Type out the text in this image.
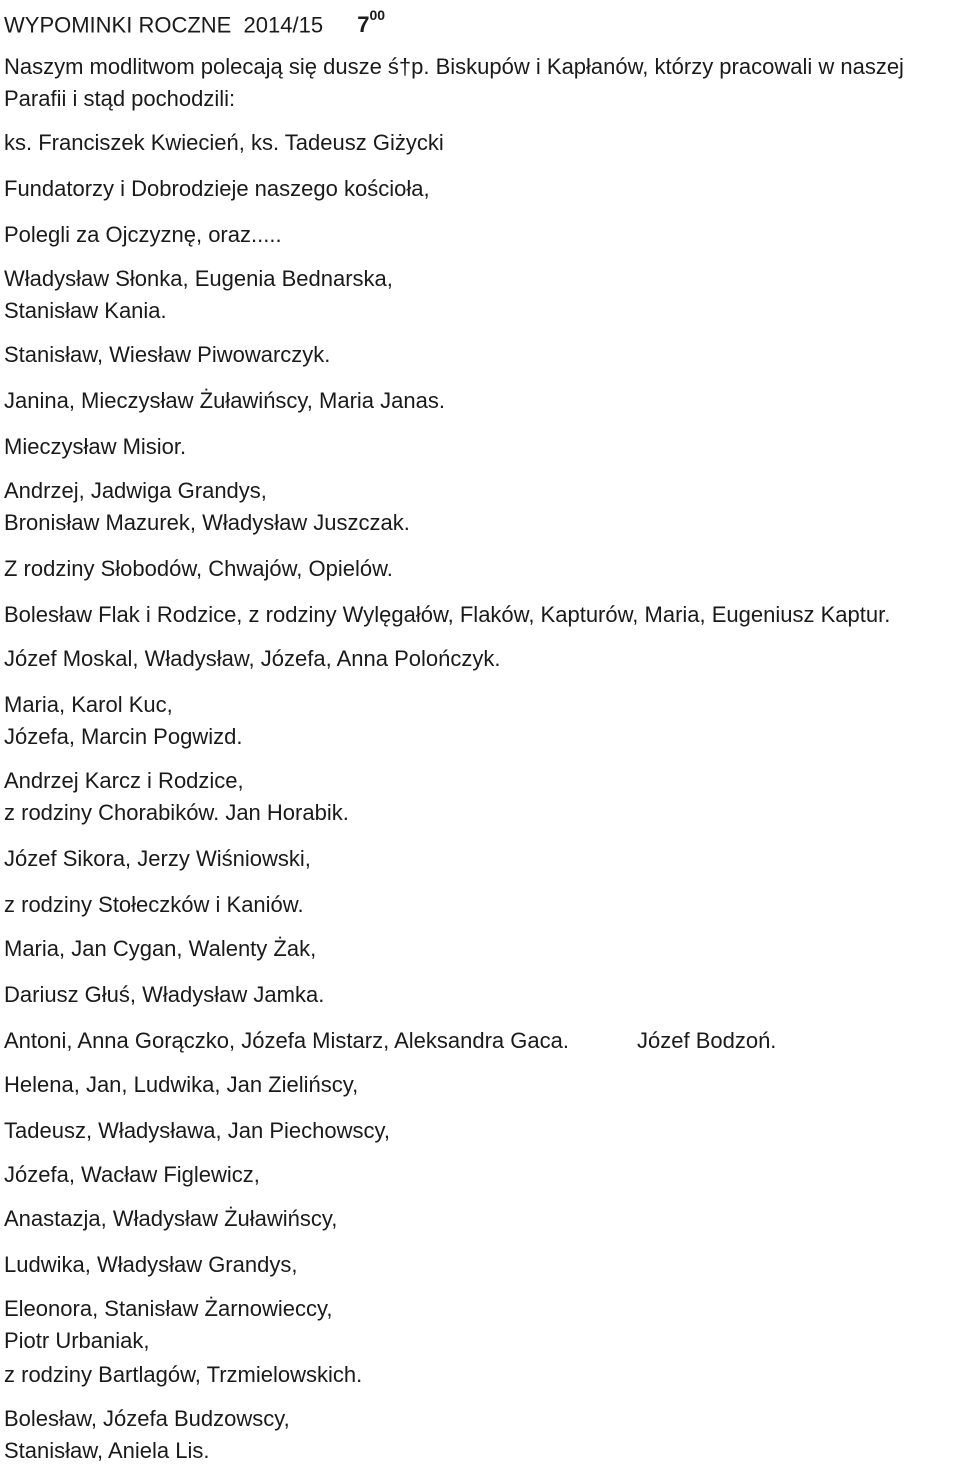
WYPOMINKI ROCZNE  2014/15 $7^{00}$

Naszym modlitwom polecają się dusze ś†p. Biskupów i Kapłanów, którzy pracowali w naszej

Parafii i stąd pochodzili:

ks. Franciszek Kwiecień, ks. Tadeusz Giżycki

Fundatorzy i Dobrodzieje naszego kościoła,

Polegli za Ojczyznę, oraz.....

Władysław Słonka, Eugenia Bednarska,

Stanisław Kania.

Stanisław, Wiesław Piwowarczyk.

Janina, Mieczysław Żuławińscy, Maria Janas.

Mieczysław Misior.

Andrzej, Jadwiga Grandys,

Bronisław Mazurek, Władysław Juszczak.

Z rodziny Słobodów, Chwajów, Opielów.

Bolesław Flak i Rodzice, z rodziny Wylęgałów, Flaków, Kapturów, Maria, Eugeniusz Kaptur.

Józef Moskal, Władysław, Józefa, Anna Polończyk.

Maria, Karol Kuc,

Józefa, Marcin Pogwizd.

Andrzej Karcz i Rodzice,

z rodziny Chorabików. Jan Horabik.

Józef Sikora, Jerzy Wiśniowski,

z rodziny Stołeczków i Kaniów.

Maria, Jan Cygan, Walenty Żak,

Dariusz Głuś, Władysław Jamka.

Antoni, Anna Gorączko, Józefa Mistarz, Aleksandra Gaca.	Józef Bodzoń.

Helena, Jan, Ludwika, Jan Zielińscy,

Tadeusz, Władysława, Jan Piechowscy,

Józefa, Wacław Figlewicz,

Anastazja, Władysław Żuławińscy,

Ludwika, Władysław Grandys,

Eleonora, Stanisław Żarnowieccy,

Piotr Urbaniak,

z rodziny Bartlagów, Trzmielowskich.

Bolesław, Józefa Budzowscy,

Stanisław, Aniela Lis.
